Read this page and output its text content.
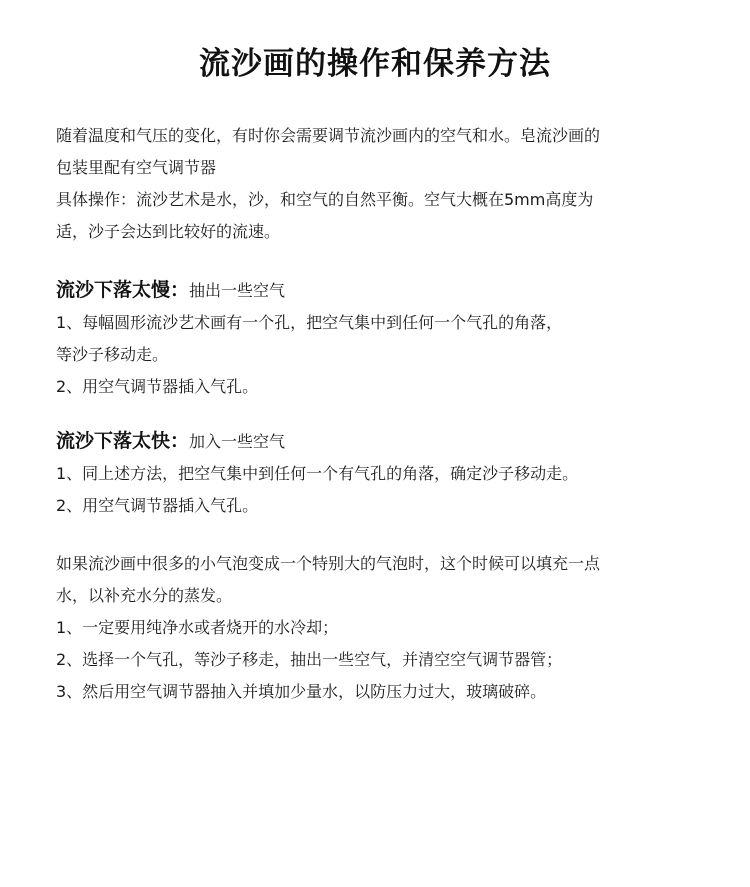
流沙画的操作和保养方法

随着温度和气压的变化，有时你会需要调节流沙画内的空气和水。皂流沙画的

包装里配有空气调节器

具体操作：流沙艺术是水，沙，和空气的自然平衡。空气大概在5mm高度为

适，沙子会达到比较好的流速。

流沙下落太慢：抽出一些空气

1、每幅圆形流沙艺术画有一个孔，把空气集中到任何一个气孔的角落，

等沙子移动走。

2、用空气调节器插入气孔。

流沙下落太快：加入一些空气

1、同上述方法，把空气集中到任何一个有气孔的角落，确定沙子移动走。

2、用空气调节器插入气孔。

如果流沙画中很多的小气泡变成一个特别大的气泡时，这个时候可以填充一点

水，以补充水分的蒸发。

1、一定要用纯净水或者烧开的水冷却；

2、选择一个气孔，等沙子移走，抽出一些空气，并清空空气调节器管；

3、然后用空气调节器抽入并填加少量水，以防压力过大，玻璃破碎。
